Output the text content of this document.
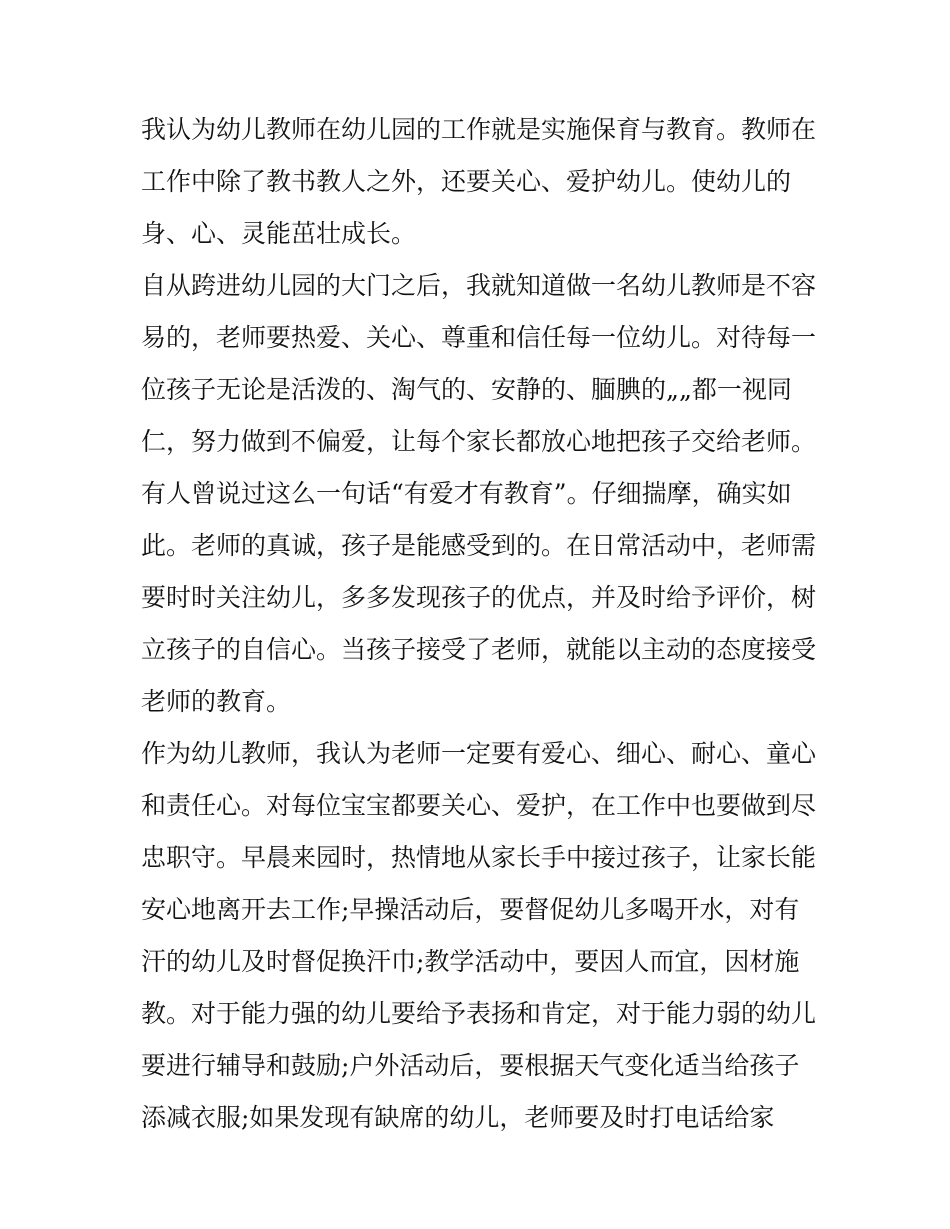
我认为幼儿教师在幼儿园的工作就是实施保育与教育。教师在
工作中除了教书教人之外，还要关心、爱护幼儿。使幼儿的
身、心、灵能茁壮成长。
自从跨进幼儿园的大门之后，我就知道做一名幼儿教师是不容
易的，老师要热爱、关心、尊重和信任每一位幼儿。对待每一
位孩子无论是活泼的、淘气的、安静的、腼腆的„„都一视同
仁，努力做到不偏爱，让每个家长都放心地把孩子交给老师。
有人曾说过这么一句话“有爱才有教育”。仔细揣摩，确实如
此。老师的真诚，孩子是能感受到的。在日常活动中，老师需
要时时关注幼儿，多多发现孩子的优点，并及时给予评价，树
立孩子的自信心。当孩子接受了老师，就能以主动的态度接受
老师的教育。
作为幼儿教师，我认为老师一定要有爱心、细心、耐心、童心
和责任心。对每位宝宝都要关心、爱护，在工作中也要做到尽
忠职守。早晨来园时，热情地从家长手中接过孩子，让家长能
安心地离开去工作;早操活动后，要督促幼儿多喝开水，对有
汗的幼儿及时督促换汗巾;教学活动中，要因人而宜，因材施
教。对于能力强的幼儿要给予表扬和肯定，对于能力弱的幼儿
要进行辅导和鼓励;户外活动后，要根据天气变化适当给孩子
添减衣服;如果发现有缺席的幼儿，老师要及时打电话给家
